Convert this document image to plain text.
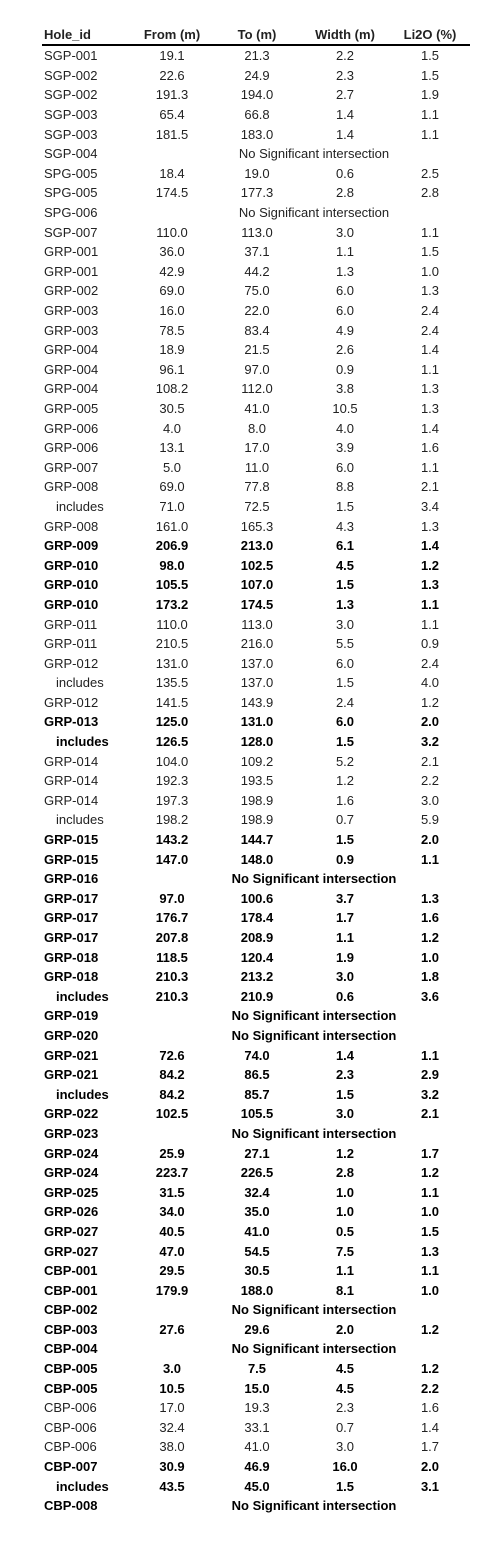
Hole_id	From (m)	To (m)	Width (m)	Li2O (%)
SGP-001	19.1	21.3	2.2	1.5
SGP-002	22.6	24.9	2.3	1.5
SGP-002	191.3	194.0	2.7	1.9
SGP-003	65.4	66.8	1.4	1.1
SGP-003	181.5	183.0	1.4	1.1
SGP-004	No Significant intersection			
SPG-005	18.4	19.0	0.6	2.5
SPG-005	174.5	177.3	2.8	2.8
SPG-006	No Significant intersection			
SGP-007	110.0	113.0	3.0	1.1
GRP-001	36.0	37.1	1.1	1.5
GRP-001	42.9	44.2	1.3	1.0
GRP-002	69.0	75.0	6.0	1.3
GRP-003	16.0	22.0	6.0	2.4
GRP-003	78.5	83.4	4.9	2.4
GRP-004	18.9	21.5	2.6	1.4
GRP-004	96.1	97.0	0.9	1.1
GRP-004	108.2	112.0	3.8	1.3
GRP-005	30.5	41.0	10.5	1.3
GRP-006	4.0	8.0	4.0	1.4
GRP-006	13.1	17.0	3.9	1.6
GRP-007	5.0	11.0	6.0	1.1
GRP-008	69.0	77.8	8.8	2.1
includes	71.0	72.5	1.5	3.4
GRP-008	161.0	165.3	4.3	1.3
GRP-009	206.9	213.0	6.1	1.4
GRP-010	98.0	102.5	4.5	1.2
GRP-010	105.5	107.0	1.5	1.3
GRP-010	173.2	174.5	1.3	1.1
GRP-011	110.0	113.0	3.0	1.1
GRP-011	210.5	216.0	5.5	0.9
GRP-012	131.0	137.0	6.0	2.4
includes	135.5	137.0	1.5	4.0
GRP-012	141.5	143.9	2.4	1.2
GRP-013	125.0	131.0	6.0	2.0
includes	126.5	128.0	1.5	3.2
GRP-014	104.0	109.2	5.2	2.1
GRP-014	192.3	193.5	1.2	2.2
GRP-014	197.3	198.9	1.6	3.0
includes	198.2	198.9	0.7	5.9
GRP-015	143.2	144.7	1.5	2.0
GRP-015	147.0	148.0	0.9	1.1
GRP-016	No Significant intersection			
GRP-017	97.0	100.6	3.7	1.3
GRP-017	176.7	178.4	1.7	1.6
GRP-017	207.8	208.9	1.1	1.2
GRP-018	118.5	120.4	1.9	1.0
GRP-018	210.3	213.2	3.0	1.8
includes	210.3	210.9	0.6	3.6
GRP-019	No Significant intersection			
GRP-020	No Significant intersection			
GRP-021	72.6	74.0	1.4	1.1
GRP-021	84.2	86.5	2.3	2.9
includes	84.2	85.7	1.5	3.2
GRP-022	102.5	105.5	3.0	2.1
GRP-023	No Significant intersection			
GRP-024	25.9	27.1	1.2	1.7
GRP-024	223.7	226.5	2.8	1.2
GRP-025	31.5	32.4	1.0	1.1
GRP-026	34.0	35.0	1.0	1.0
GRP-027	40.5	41.0	0.5	1.5
GRP-027	47.0	54.5	7.5	1.3
CBP-001	29.5	30.5	1.1	1.1
CBP-001	179.9	188.0	8.1	1.0
CBP-002	No Significant intersection			
CBP-003	27.6	29.6	2.0	1.2
CBP-004	No Significant intersection			
CBP-005	3.0	7.5	4.5	1.2
CBP-005	10.5	15.0	4.5	2.2
CBP-006	17.0	19.3	2.3	1.6
CBP-006	32.4	33.1	0.7	1.4
CBP-006	38.0	41.0	3.0	1.7
CBP-007	30.9	46.9	16.0	2.0
includes	43.5	45.0	1.5	3.1
CBP-008	No Significant intersection			
